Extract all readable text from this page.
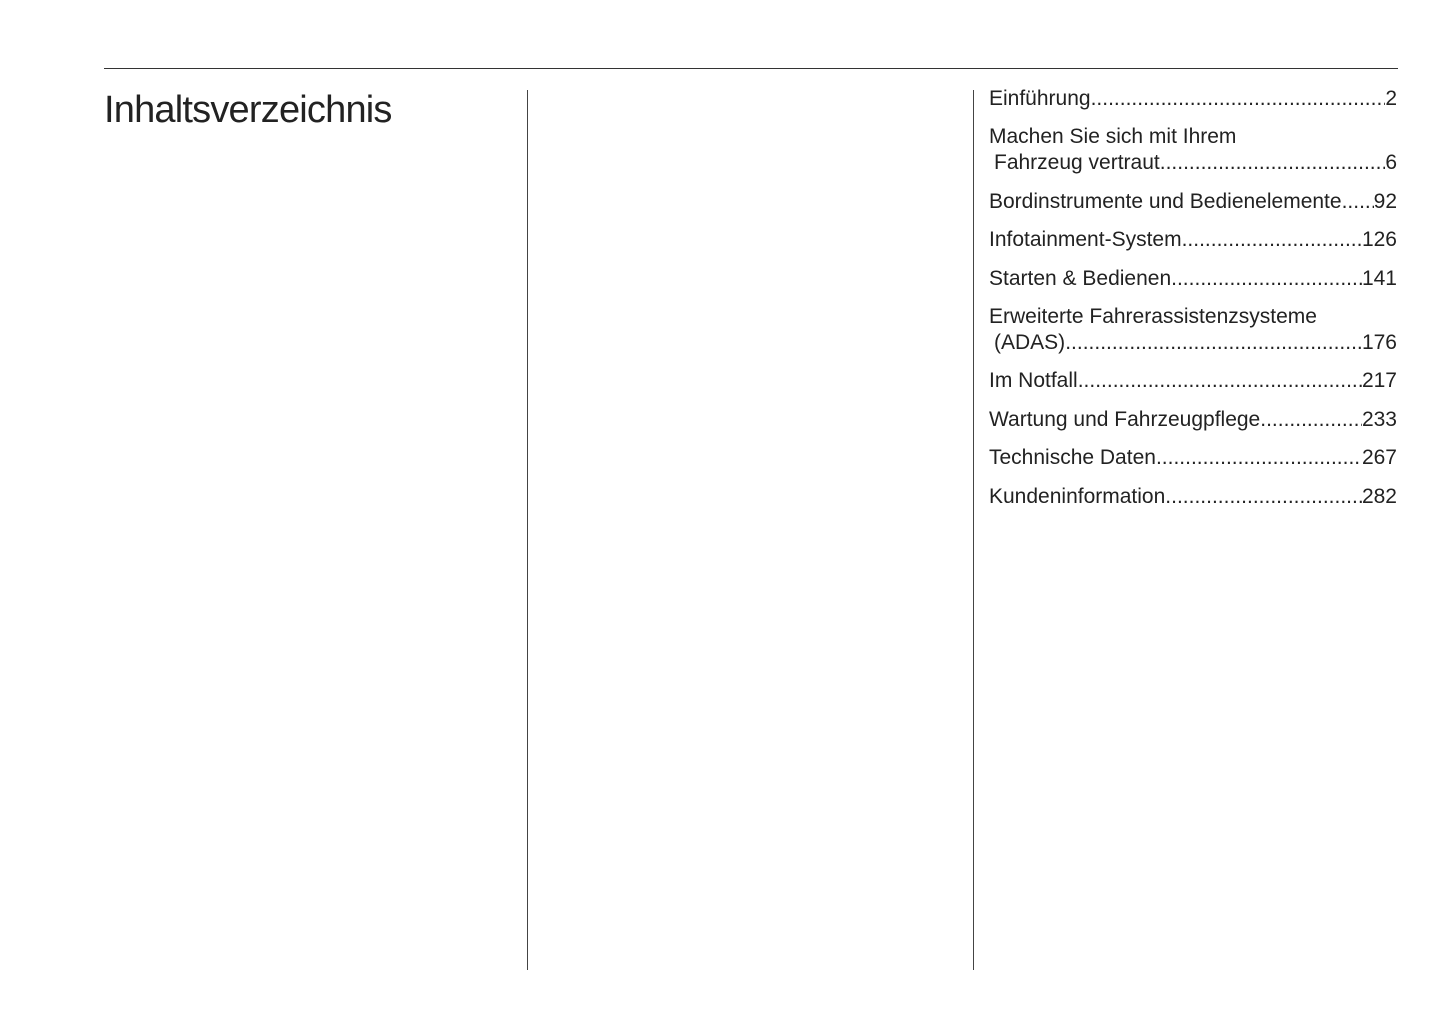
Inhaltsverzeichnis	Einführung .....	2
Machen Sie sich mit Ihrem
Fahrzeug vertraut .....	6
Bordinstrumente und Bedienelemente ..... 92
Infotainment-System .....	126
Starten & Bedienen .....	141
Erweiterte Fahrerassistenzsysteme
(ADAS) .....	176
Im Notfall .....	217
Wartung und Fahrzeugpflege .....	233
Technische Daten .....	267
Kundeninformation .....	282
